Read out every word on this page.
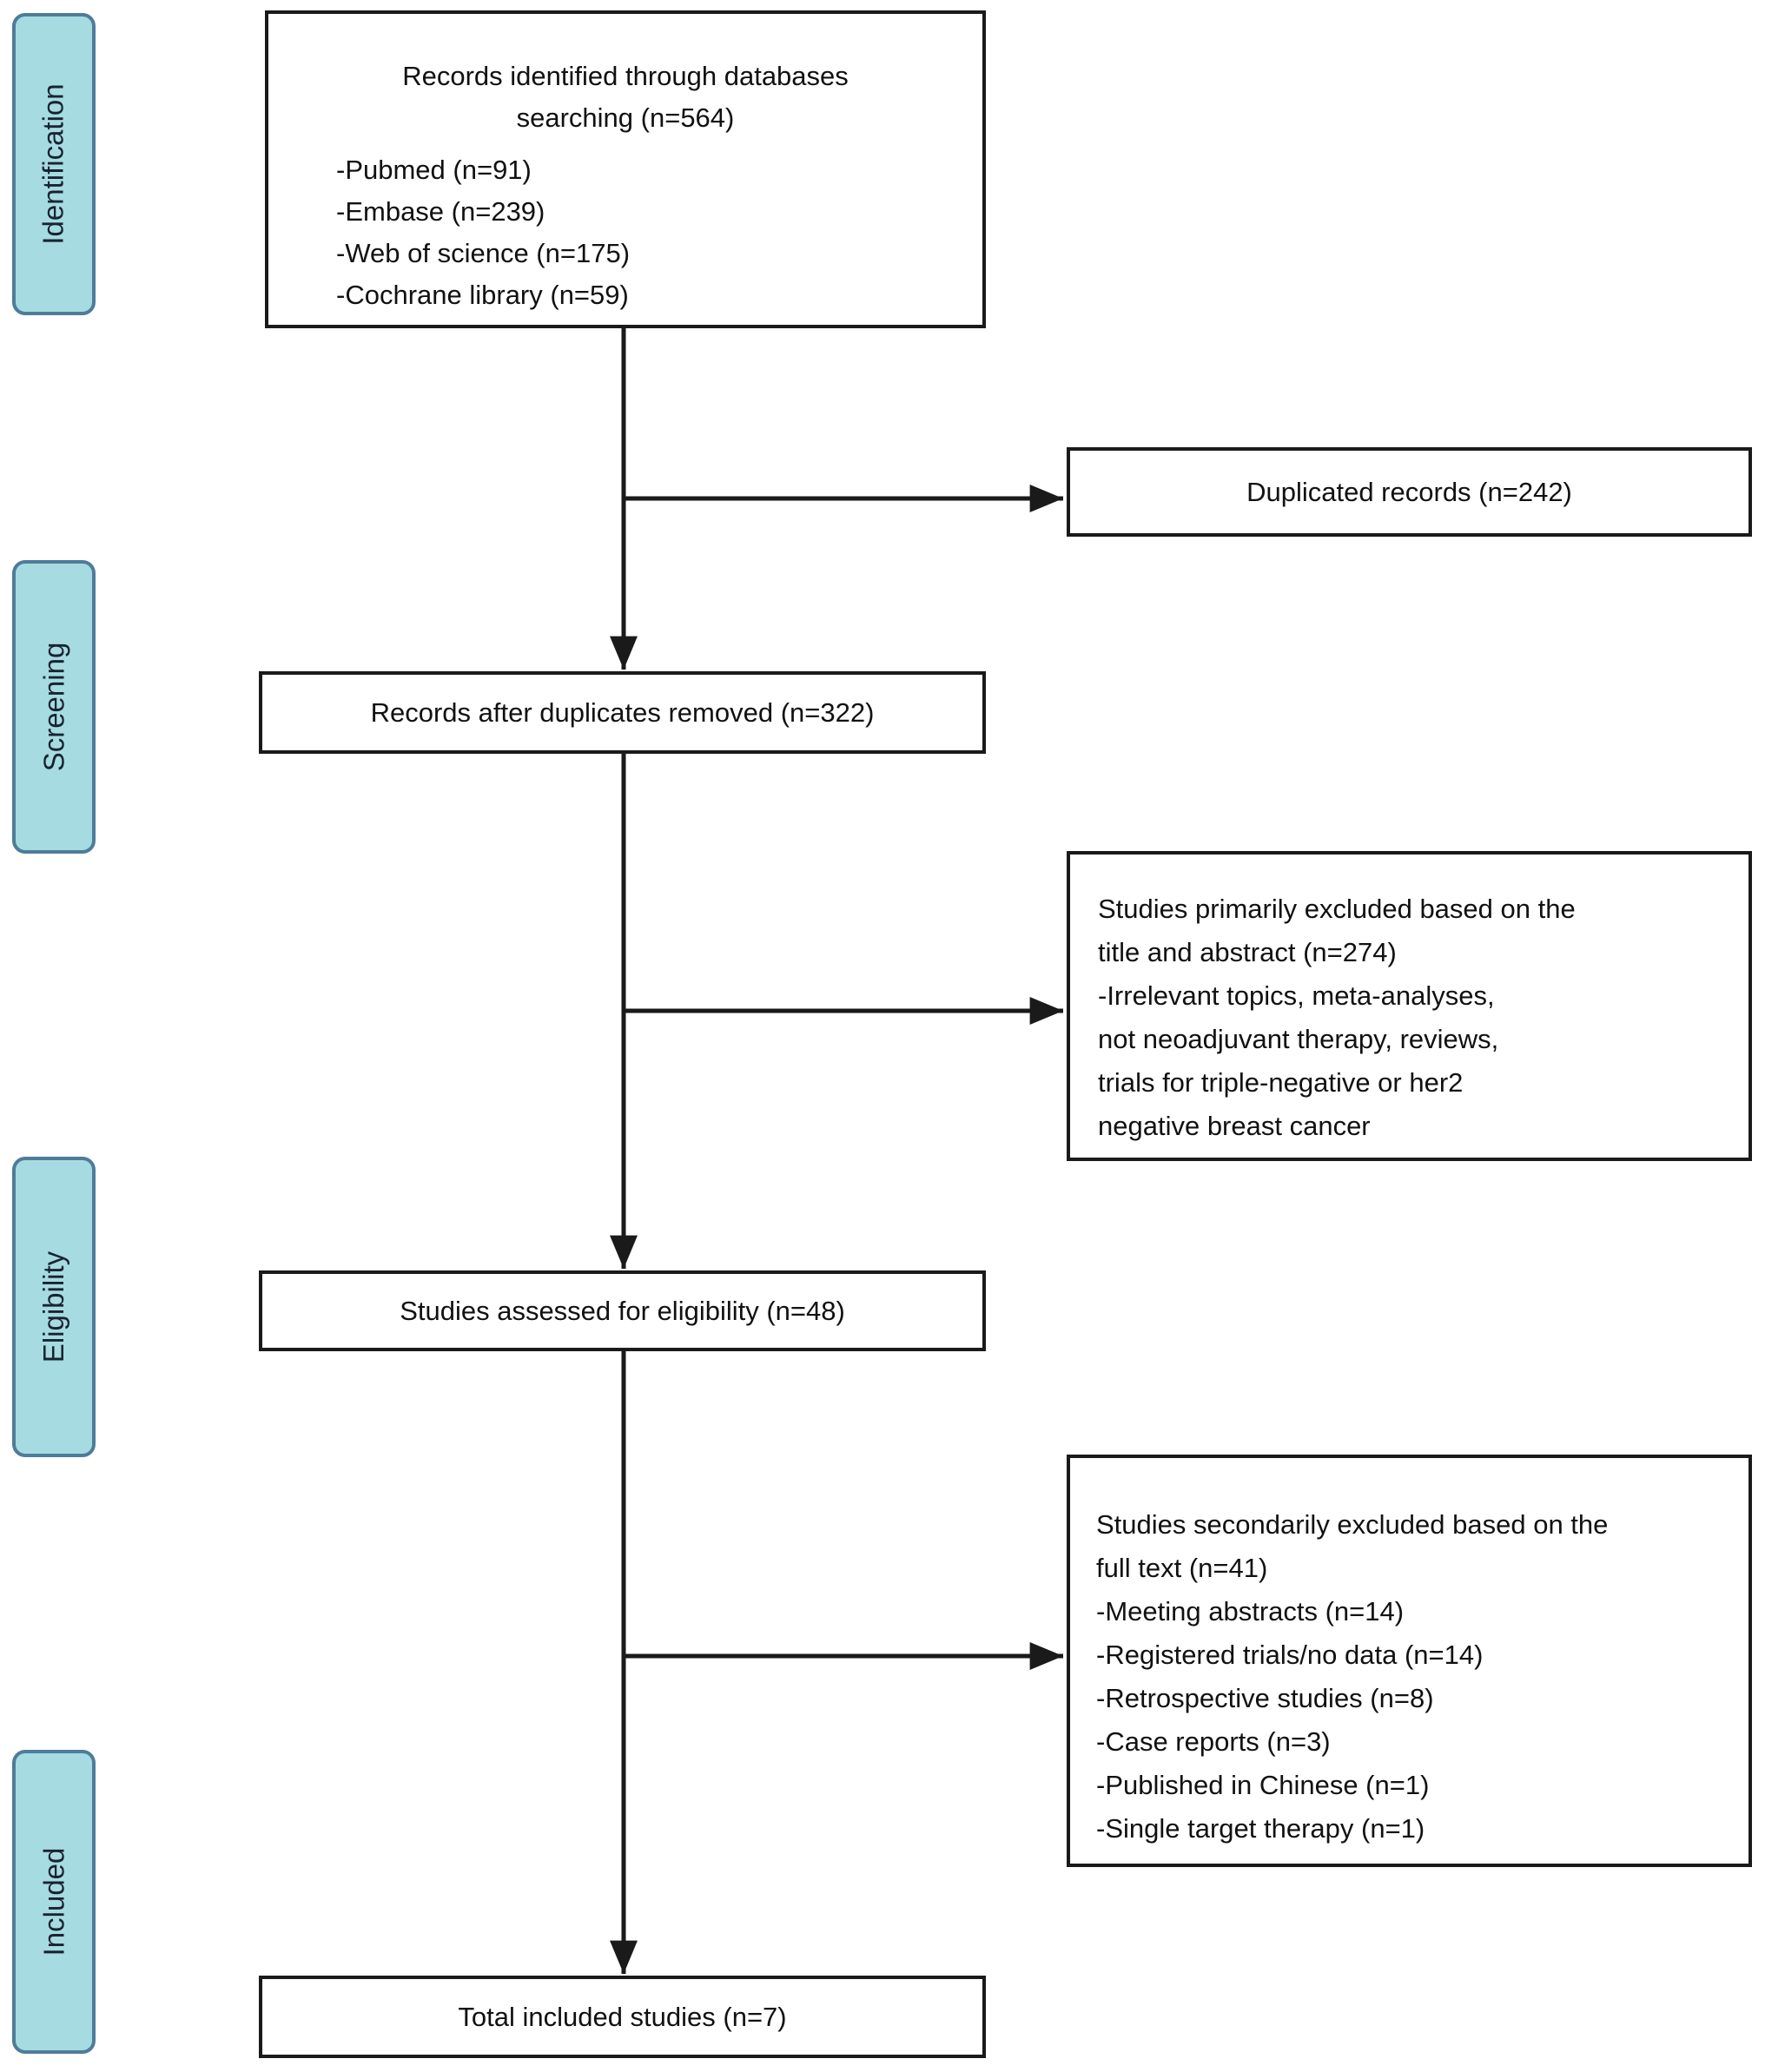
Identification
Screening
Eligibility
Included
Records identified through databases
searching (n=564)
-Pubmed (n=91)
-Embase (n=239)
-Web of science (n=175)
-Cochrane library (n=59)
Duplicated records (n=242)
Records after duplicates removed (n=322)
Studies primarily excluded based on the
title and abstract (n=274)
-Irrelevant topics, meta-analyses,
not neoadjuvant therapy, reviews,
trials for triple-negative or her2
negative breast cancer
Studies assessed for eligibility (n=48)
Studies secondarily excluded based on the
full text (n=41)
-Meeting abstracts (n=14)
-Registered trials/no data (n=14)
-Retrospective studies (n=8)
-Case reports (n=3)
-Published in Chinese (n=1)
-Single target therapy (n=1)
Total included studies (n=7)
